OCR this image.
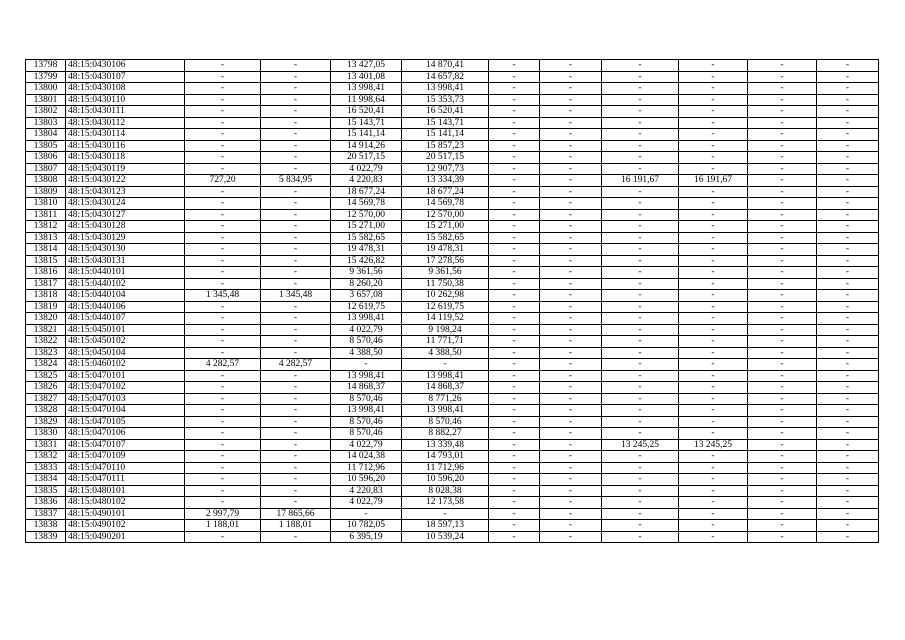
13798	48:15:0430106	-	-	13 427,05	14 870,41	-	-	-	-	-	-
13799	48:15:0430107	-	-	13 401,08	14 657,82	-	-	-	-	-	-
13800	48:15:0430108	-	-	13 998,41	13 998,41	-	-	-	-	-	-
13801	48:15:0430110	-	-	11 998,64	15 353,73	-	-	-	-	-	-
13802	48:15:0430111	-	-	16 520,41	16 520,41	-	-	-	-	-	-
13803	48:15:0430112	-	-	15 143,71	15 143,71	-	-	-	-	-	-
13804	48:15:0430114	-	-	15 141,14	15 141,14	-	-	-	-	-	-
13805	48:15:0430116	-	-	14 914,26	15 857,23	-	-	-	-	-	-
13806	48:15:0430118	-	-	20 517,15	20 517,15	-	-	-	-	-	-
13807	48:15:0430119	-	-	4 022,79	12 907,73	-	-	-	-	-	-
13808	48:15:0430122	727,20	5 834,95	4 220,83	13 334,39	-	-	16 191,67	16 191,67	-	-
13809	48:15:0430123	-	-	18 677,24	18 677,24	-	-	-	-	-	-
13810	48:15:0430124	-	-	14 569,78	14 569,78	-	-	-	-	-	-
13811	48:15:0430127	-	-	12 570,00	12 570,00	-	-	-	-	-	-
13812	48:15:0430128	-	-	15 271,00	15 271,00	-	-	-	-	-	-
13813	48:15:0430129	-	-	15 582,65	15 582,65	-	-	-	-	-	-
13814	48:15:0430130	-	-	19 478,31	19 478,31	-	-	-	-	-	-
13815	48:15:0430131	-	-	15 426,82	17 278,56	-	-	-	-	-	-
13816	48:15:0440101	-	-	9 361,56	9 361,56	-	-	-	-	-	-
13817	48:15:0440102	-	-	8 260,20	11 750,38	-	-	-	-	-	-
13818	48:15:0440104	1 345,48	1 345,48	3 657,08	10 262,98	-	-	-	-	-	-
13819	48:15:0440106	-	-	12 619,75	12 619,75	-	-	-	-	-	-
13820	48:15:0440107	-	-	13 998,41	14 119,52	-	-	-	-	-	-
13821	48:15:0450101	-	-	4 022,79	9 198,24	-	-	-	-	-	-
13822	48:15:0450102	-	-	8 570,46	11 771,71	-	-	-	-	-	-
13823	48:15:0450104	-	-	4 388,50	4 388,50	-	-	-	-	-	-
13824	48:15:0460102	4 282,57	4 282,57	-	-	-	-	-	-	-	-
13825	48:15:0470101	-	-	13 998,41	13 998,41	-	-	-	-	-	-
13826	48:15:0470102	-	-	14 868,37	14 868,37	-	-	-	-	-	-
13827	48:15:0470103	-	-	8 570,46	8 771,26	-	-	-	-	-	-
13828	48:15:0470104	-	-	13 998,41	13 998,41	-	-	-	-	-	-
13829	48:15:0470105	-	-	8 570,46	8 570,46	-	-	-	-	-	-
13830	48:15:0470106	-	-	8 570,46	8 882,27	-	-	-	-	-	-
13831	48:15:0470107	-	-	4 022,79	13 339,48	-	-	13 245,25	13 245,25	-	-
13832	48:15:0470109	-	-	14 024,38	14 793,01	-	-	-	-	-	-
13833	48:15:0470110	-	-	11 712,96	11 712,96	-	-	-	-	-	-
13834	48:15:0470111	-	-	10 596,20	10 596,20	-	-	-	-	-	-
13835	48:15:0480101	-	-	4 220,83	8 028,38	-	-	-	-	-	-
13836	48:15:0480102	-	-	4 022,79	12 173,58	-	-	-	-	-	-
13837	48:15:0490101	2 997,79	17 865,66	-	-	-	-	-	-	-	-
13838	48:15:0490102	1 188,01	1 188,01	10 782,05	18 597,13	-	-	-	-	-	-
13839	48:15:0490201	-	-	6 395,19	10 539,24	-	-	-	-	-	-
